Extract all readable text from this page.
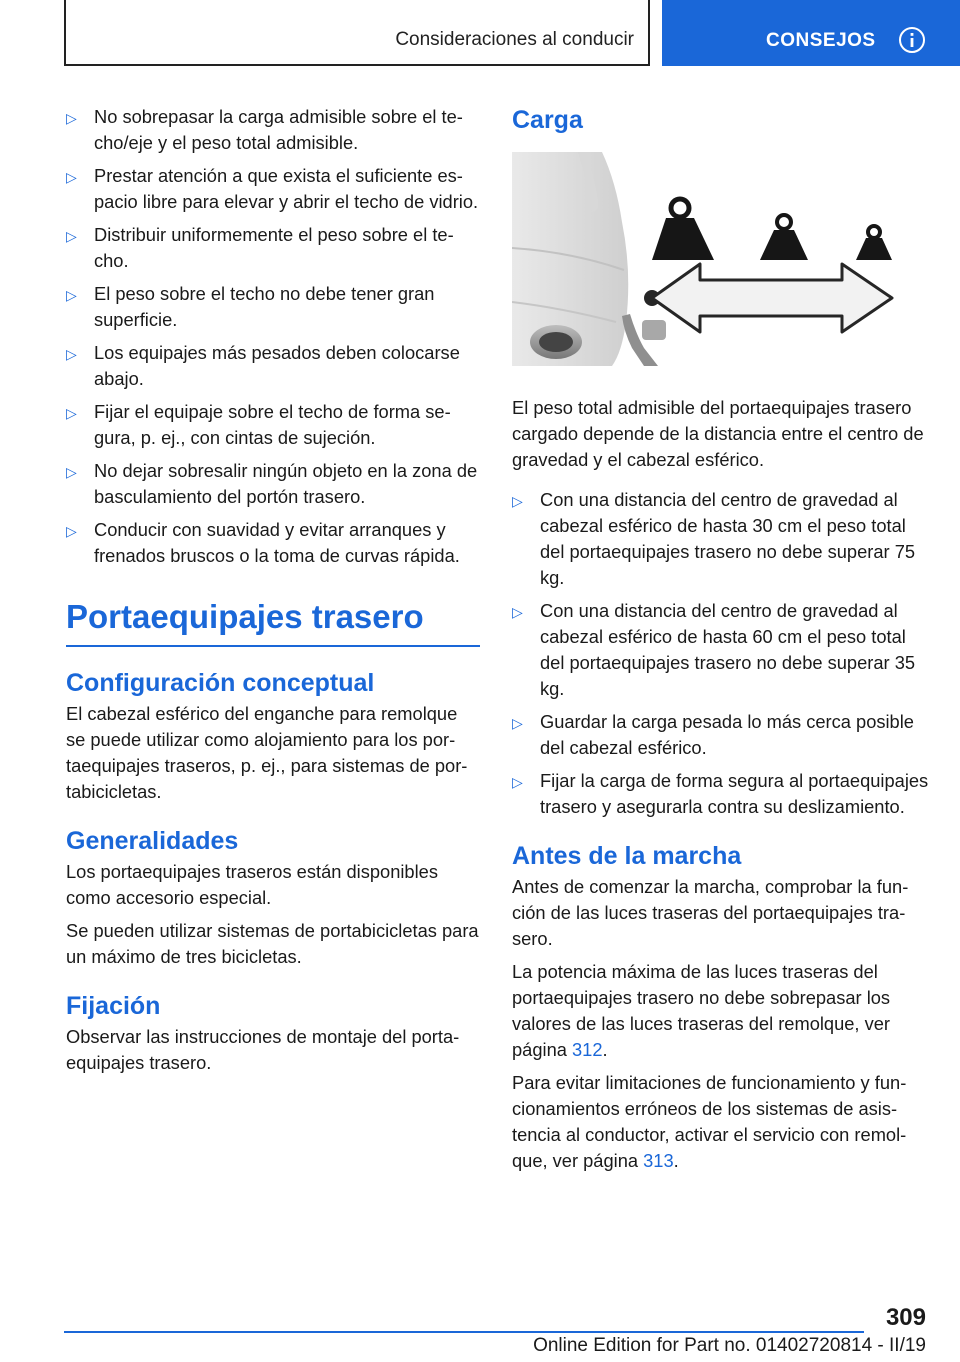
Consideraciones al conducir	CONSEJOS
▷ No sobrepasar la carga admisible sobre el techo/eje y el peso total admisible.
▷ Prestar atención a que exista el suficiente espacio libre para elevar y abrir el techo de vidrio.
▷ Distribuir uniformemente el peso sobre el techo.
▷ El peso sobre el techo no debe tener gran superficie.
▷ Los equipajes más pesados deben colocarse abajo.
▷ Fijar el equipaje sobre el techo de forma segura, p. ej., con cintas de sujeción.
▷ No dejar sobresalir ningún objeto en la zona de basculamiento del portón trasero.
▷ Conducir con suavidad y evitar arranques y frenados bruscos o la toma de curvas rápida.
Portaequipajes trasero
Configuración conceptual

El cabezal esférico del enganche para remolque se puede utilizar como alojamiento para los portaequipajes traseros, p. ej., para sistemas de portabicicletas.

Generalidades

Los portaequipajes traseros están disponibles como accesorio especial.

Se pueden utilizar sistemas de portabicicletas para un máximo de tres bicicletas.

Fijación

Observar las instrucciones de montaje del portaequipajes trasero.

Carga

El peso total admisible del portaequipajes trasero cargado depende de la distancia entre el centro de gravedad y el cabezal esférico.

▷ Con una distancia del centro de gravedad al cabezal esférico de hasta 30 cm el peso total del portaequipajes trasero no debe superar 75 kg.
▷ Con una distancia del centro de gravedad al cabezal esférico de hasta 60 cm el peso total del portaequipajes trasero no debe superar 35 kg.
▷ Guardar la carga pesada lo más cerca posible del cabezal esférico.
▷ Fijar la carga de forma segura al portaequipajes trasero y asegurarla contra su deslizamiento.
Antes de la marcha

Antes de comenzar la marcha, comprobar la función de las luces traseras del portaequipajes trasero.

La potencia máxima de las luces traseras del portaequipajes trasero no debe sobrepasar los valores de las luces traseras del remolque, ver página 312.

Para evitar limitaciones de funcionamiento y funcionamientos erróneos de los sistemas de asistencia al conductor, activar el servicio con remolque, ver página 313.

309
Online Edition for Part no. 01402720814 - II/19
